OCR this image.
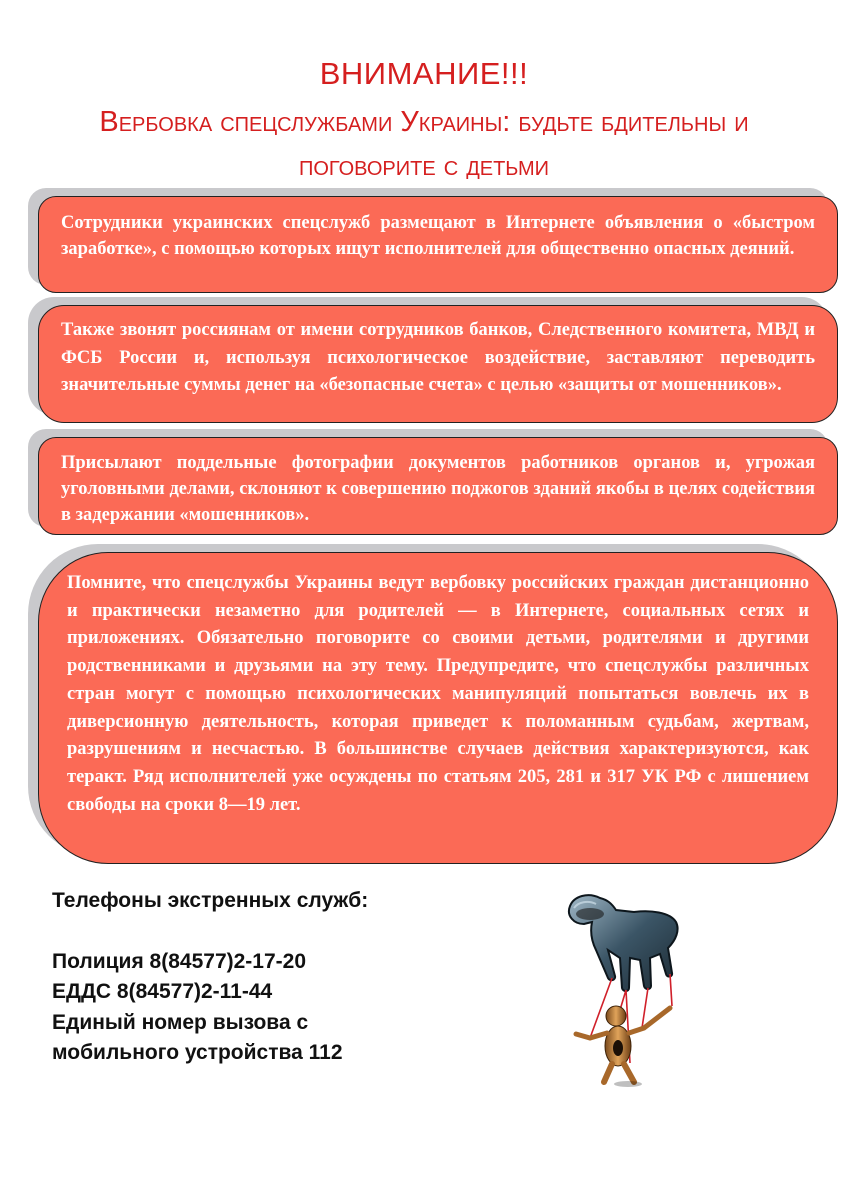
ВНИМАНИЕ!!!
Вербовка спецслужбами Украины: будьте бдительны и поговорите с детьми

Сотрудники украинских спецслужб размещают в Интернете объявления о «быстром заработке», с помощью которых ищут исполнителей для общественно опасных деяний.

Также звонят россиянам от имени сотрудников банков, Следственного комитета, МВД и ФСБ России и, используя психологическое воздействие, заставляют переводить значительные суммы денег на «безопасные счета» с целью «защиты от мошенников».

Присылают поддельные фотографии документов работников органов и, угрожая уголовными делами, склоняют к совершению поджогов зданий якобы в целях содействия в задержании «мошенников».

Помните, что спецслужбы Украины ведут вербовку российских граждан дистанционно и практически незаметно для родителей — в Интернете, социальных сетях и приложениях. Обязательно поговорите со своими детьми, родителями и другими родственниками и друзьями на эту тему. Предупредите, что спецслужбы различных стран могут с помощью психологических манипуляций попытаться вовлечь их в диверсионную деятельность, которая приведет к поломанным судьбам, жертвам, разрушениям и несчастью. В большинстве случаев действия характеризуются, как теракт. Ряд исполнителей уже осуждены по статьям 205, 281 и 317 УК РФ с лишением свободы на сроки 8—19 лет.

Телефоны экстренных служб:
Полиция 8(84577)2-17-20
ЕДДС 8(84577)2-11-44
Единый номер вызова с
мобильного устройства 112
